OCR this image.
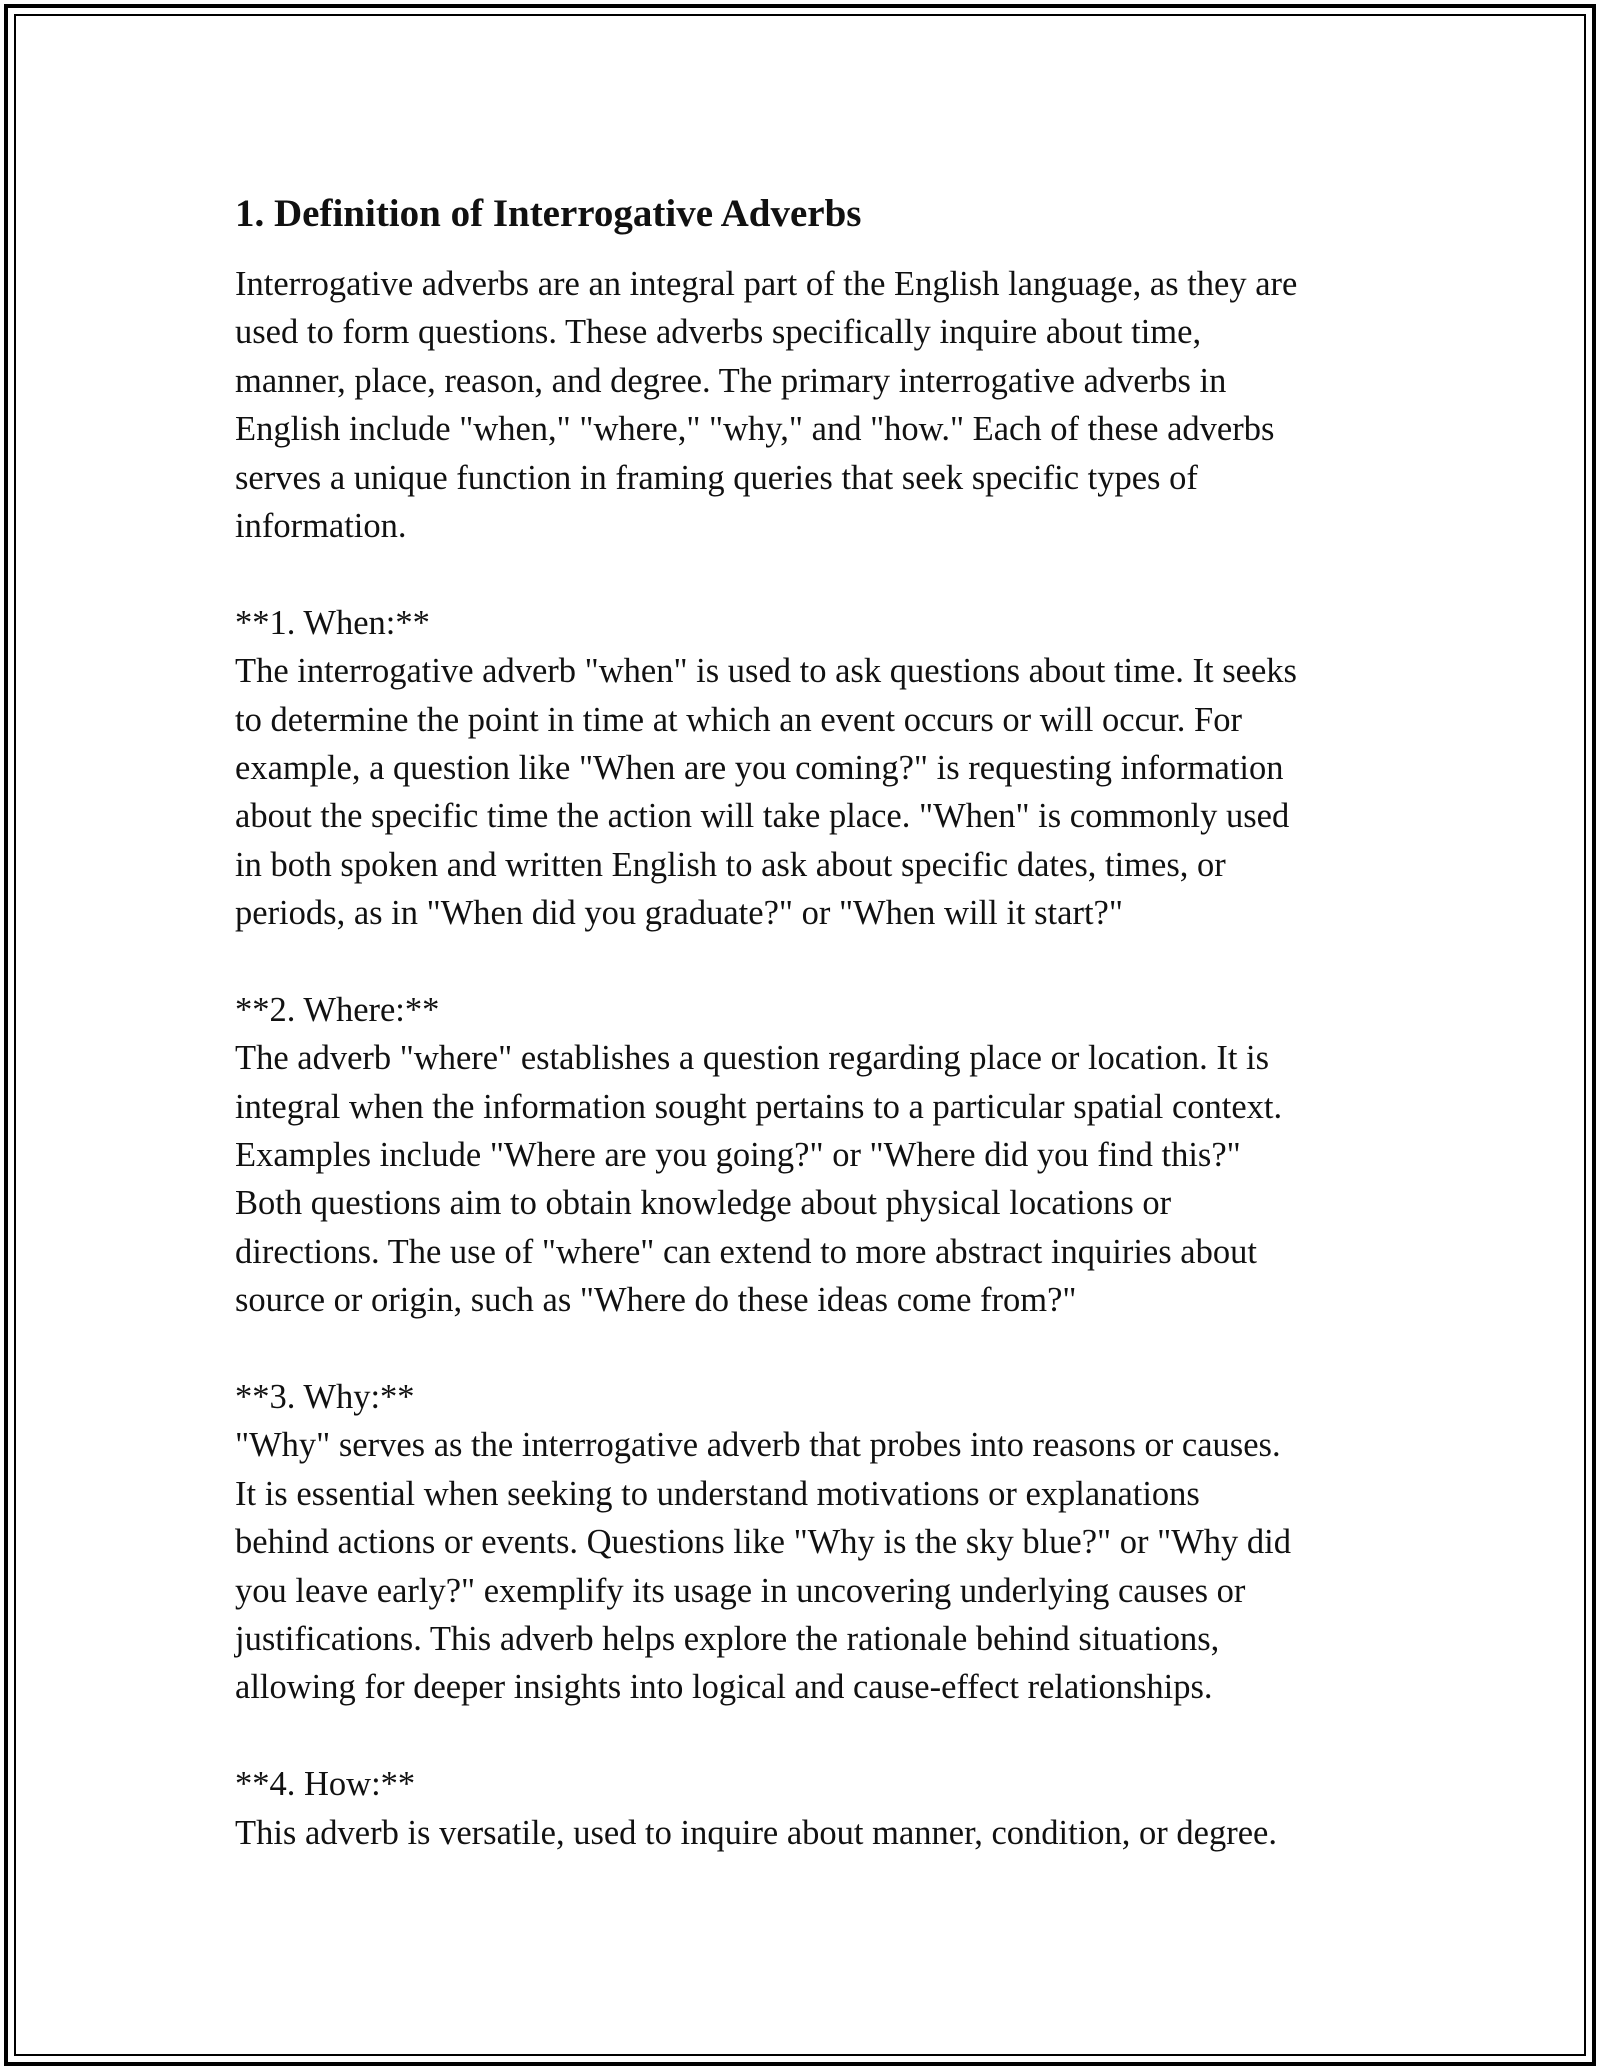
1. Definition of Interrogative Adverbs
Interrogative adverbs are an integral part of the English language, as they are
used to form questions. These adverbs specifically inquire about time,
manner, place, reason, and degree. The primary interrogative adverbs in
English include "when," "where," "why," and "how." Each of these adverbs
serves a unique function in framing queries that seek specific types of
information.
**1. When:**
The interrogative adverb "when" is used to ask questions about time. It seeks
to determine the point in time at which an event occurs or will occur. For
example, a question like "When are you coming?" is requesting information
about the specific time the action will take place. "When" is commonly used
in both spoken and written English to ask about specific dates, times, or
periods, as in "When did you graduate?" or "When will it start?"
**2. Where:**
The adverb "where" establishes a question regarding place or location. It is
integral when the information sought pertains to a particular spatial context.
Examples include "Where are you going?" or "Where did you find this?"
Both questions aim to obtain knowledge about physical locations or
directions. The use of "where" can extend to more abstract inquiries about
source or origin, such as "Where do these ideas come from?"
**3. Why:**
"Why" serves as the interrogative adverb that probes into reasons or causes.
It is essential when seeking to understand motivations or explanations
behind actions or events. Questions like "Why is the sky blue?" or "Why did
you leave early?" exemplify its usage in uncovering underlying causes or
justifications. This adverb helps explore the rationale behind situations,
allowing for deeper insights into logical and cause-effect relationships.
**4. How:**
This adverb is versatile, used to inquire about manner, condition, or degree.
